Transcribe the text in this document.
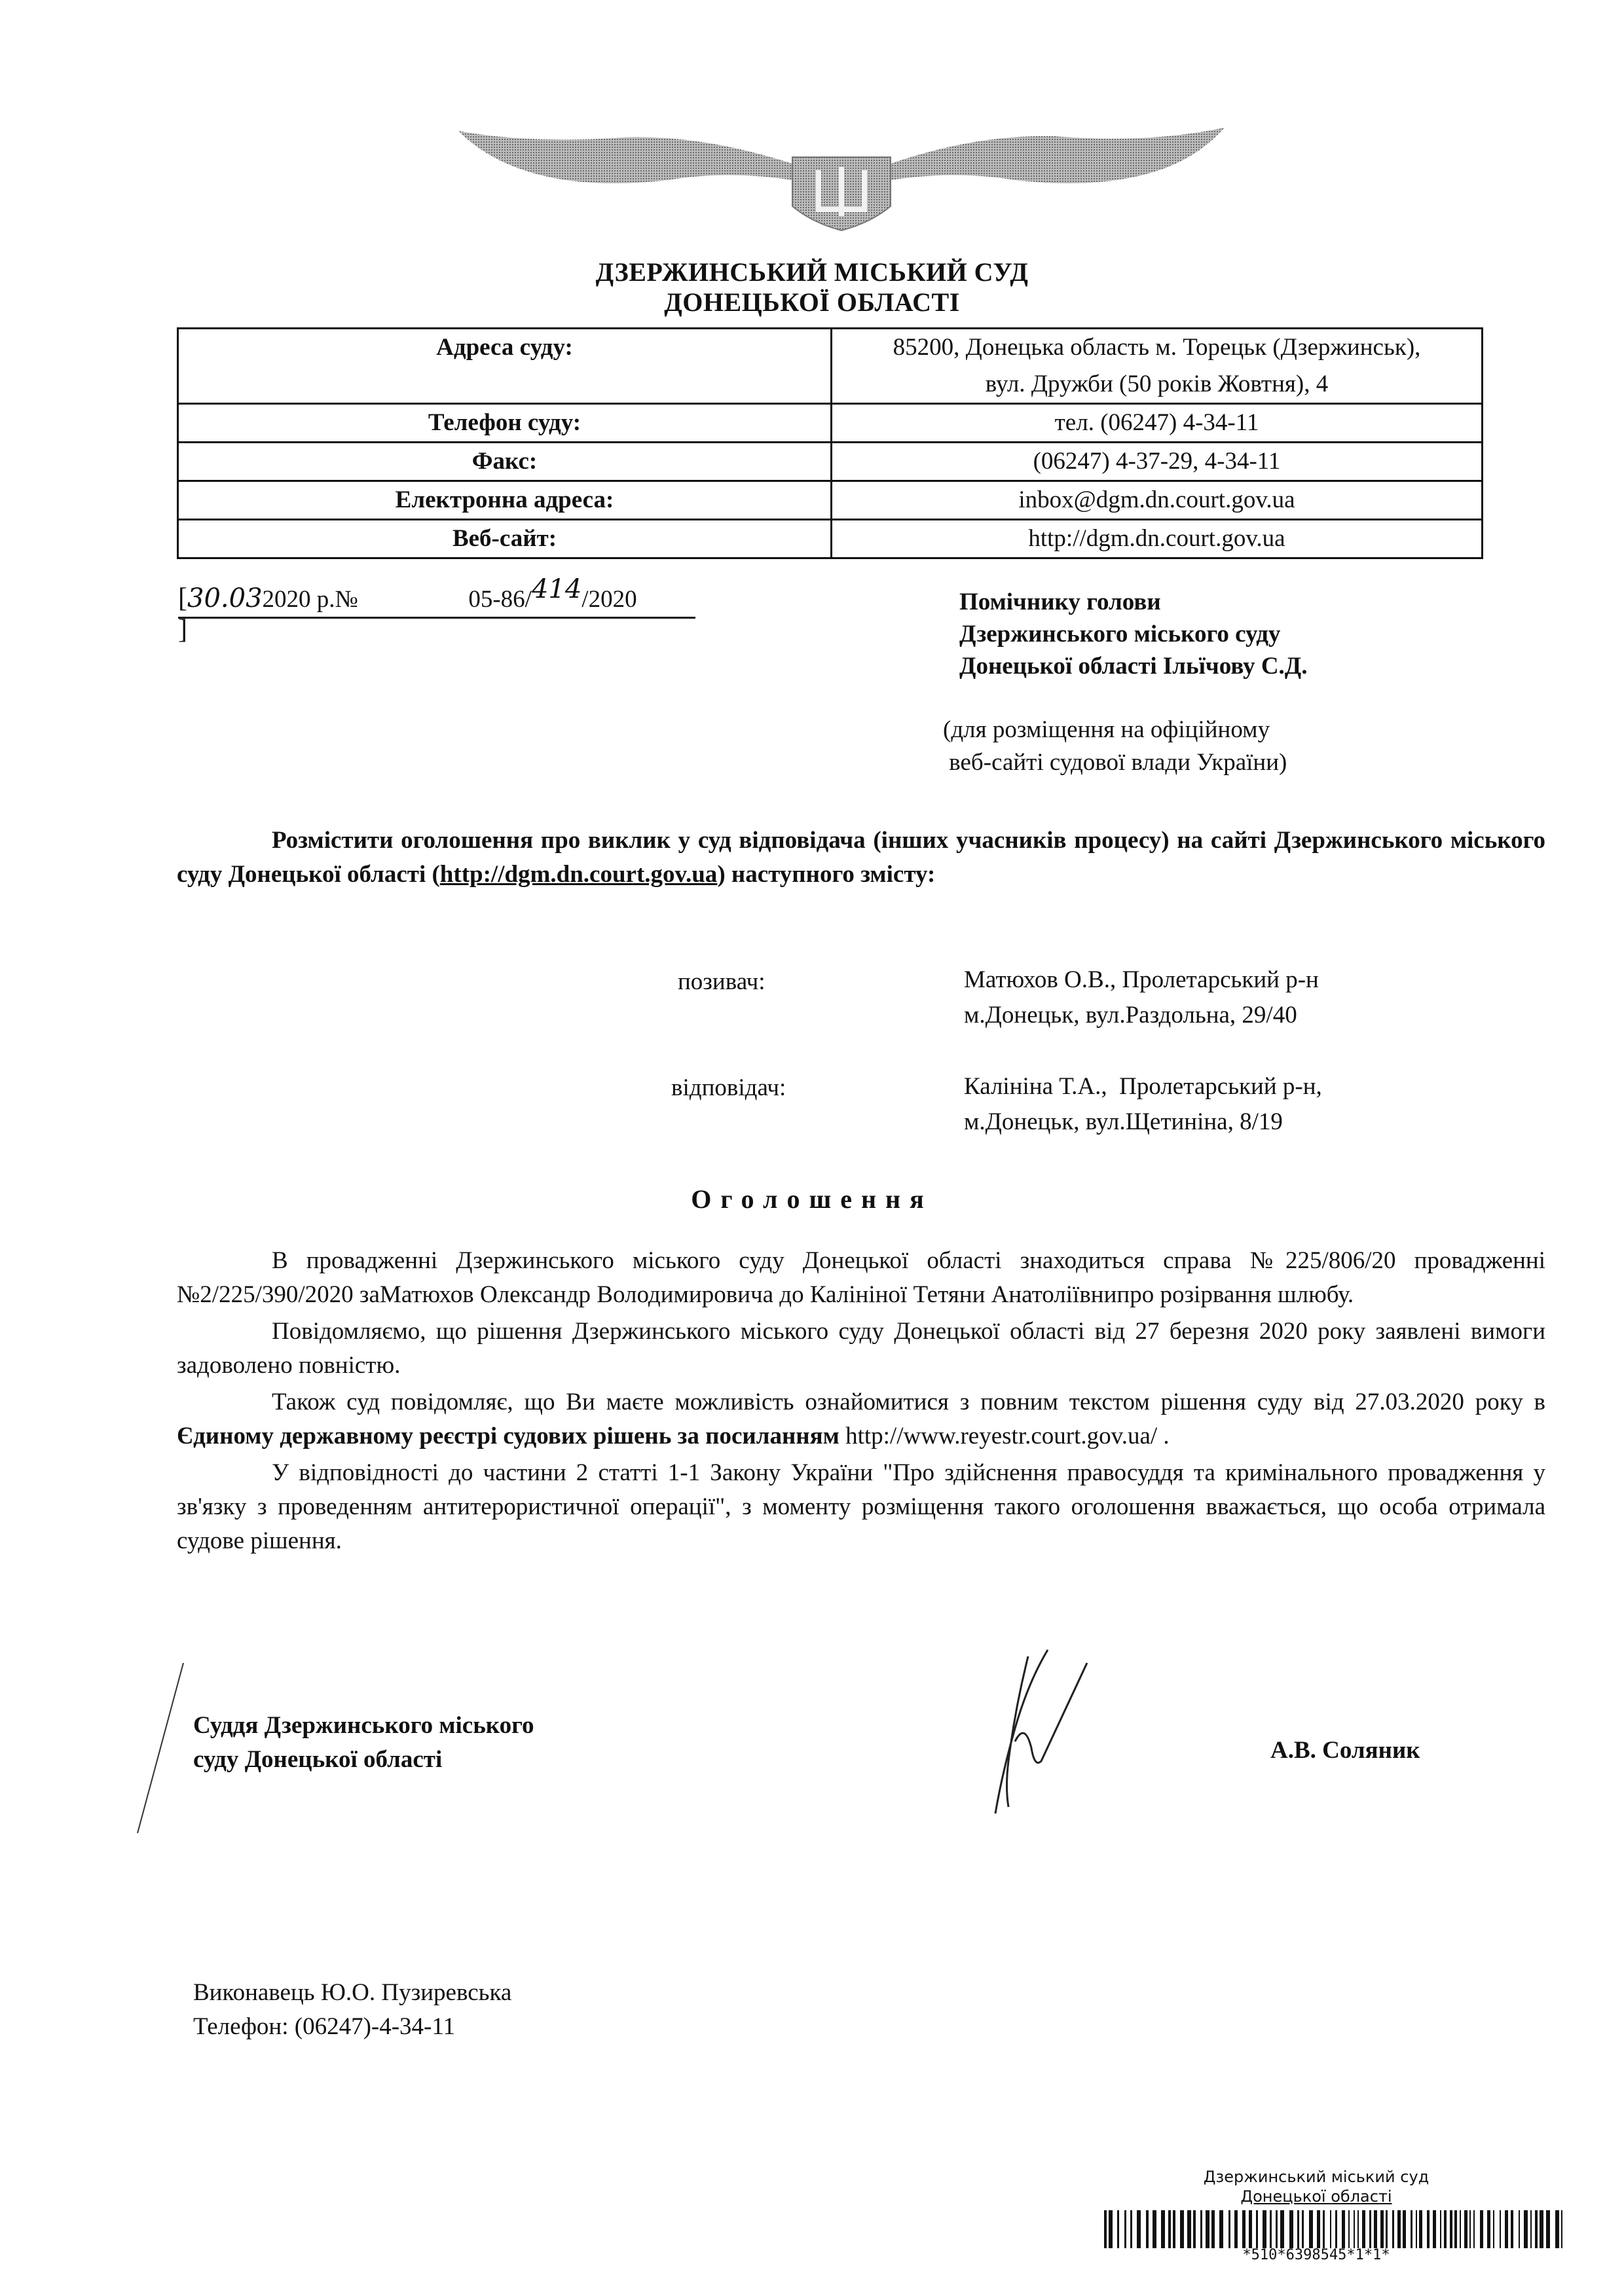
ДЗЕРЖИНСЬКИЙ МІСЬКИЙ СУД
ДОНЕЦЬКОЇ ОБЛАСТІ
Адреса суду:	85200, Донецька область м. Торецьк (Дзержинськ),
вул. Дружби (50 років Жовтня), 4

Телефон суду:	тел. (06247) 4-34-11
Факс:	(06247) 4-37-29, 4-34-11
Електронна адреса:	inbox@dgm.dn.court.gov.ua
Веб-сайт:	http://dgm.dn.court.gov.ua
[30.032020 р.№	05-86/414/2020 ]
Помічнику голови
Дзержинського міського суду
Донецької області Ільїчову С.Д.
(для розміщення на офіційному
веб-сайті судової влади України)
Розмістити оголошення про виклик у суд відповідача (інших учасників процесу) на сайті Дзержинського міського суду Донецької області (http://dgm.dn.court.gov.ua) наступного змісту:
позивач:	Матюхов О.В., Пролетарський р-н
м.Донецьк, вул.Раздольна, 29/40
відповідач:	Калініна Т.А.,  Пролетарський р-н,
м.Донецьк, вул.Щетиніна, 8/19
Оголошення

В провадженні Дзержинського міського суду Донецької області знаходиться справа №225/806/20 провадженні №2/225/390/2020 заМатюхов Олександр Володимировича до Калініної Тетяни Анатоліївнипро розірвання шлюбу.

Повідомляємо, що рішення Дзержинського міського суду Донецької області від 27 березня 2020 року заявлені вимоги задоволено повністю.

Також суд повідомляє, що Ви маєте можливість ознайомитися з повним текстом рішення суду від 27.03.2020 року в Єдиному державному реєстрі судових рішень за посиланням http://www.reyestr.court.gov.ua/ .

У відповідності до частини 2 статті 1-1 Закону України "Про здійснення правосуддя та кримінального провадження у зв'язку з проведенням антитерористичної операції", з моменту розміщення такого оголошення вважається, що особа отримала судове рішення.

Суддя Дзержинського міського
суду Донецької області	А.В. Соляник
Виконавець Ю.О. Пузиревська
Телефон: (06247)-4-34-11
Дзержинський міський суд
Донецької області
*510*6398545*1*1*
